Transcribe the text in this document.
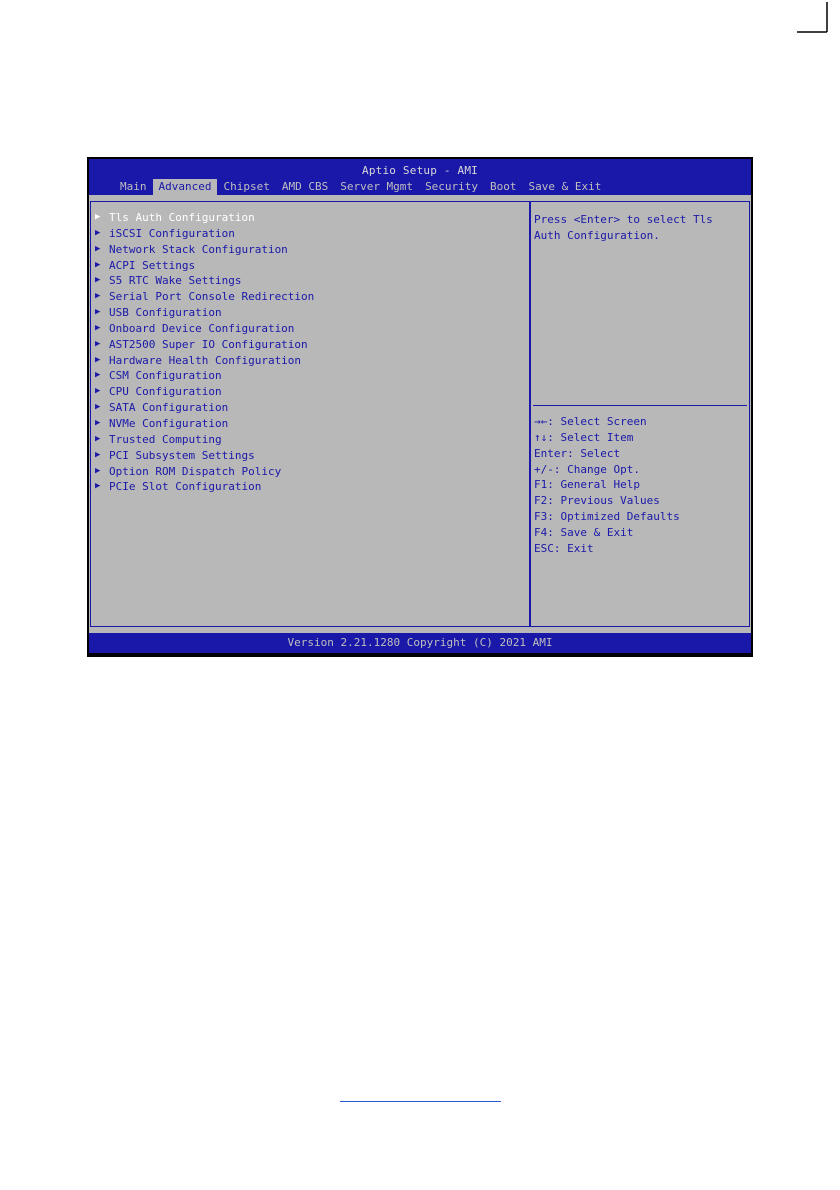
Aptio Setup - AMI
Main	Advanced	Chipset	AMD CBS	Server Mgmt	Security	Boot	Save & Exit
▶ Tls Auth Configuration
▶ iSCSI Configuration
▶ Network Stack Configuration
▶ ACPI Settings
▶ S5 RTC Wake Settings
▶ Serial Port Console Redirection
▶ USB Configuration
▶ Onboard Device Configuration
▶ AST2500 Super IO Configuration
▶ Hardware Health Configuration
▶ CSM Configuration
▶ CPU Configuration
▶ SATA Configuration
▶ NVMe Configuration
▶ Trusted Computing
▶ PCI Subsystem Settings
▶ Option ROM Dispatch Policy
▶ PCIe Slot Configuration
Press <Enter> to select Tls Auth Configuration.
→←: Select Screen
↑↓: Select Item
Enter: Select
+/-: Change Opt.
F1: General Help
F2: Previous Values
F3: Optimized Defaults
F4: Save & Exit
ESC: Exit
Version 2.21.1280 Copyright (C) 2021 AMI
